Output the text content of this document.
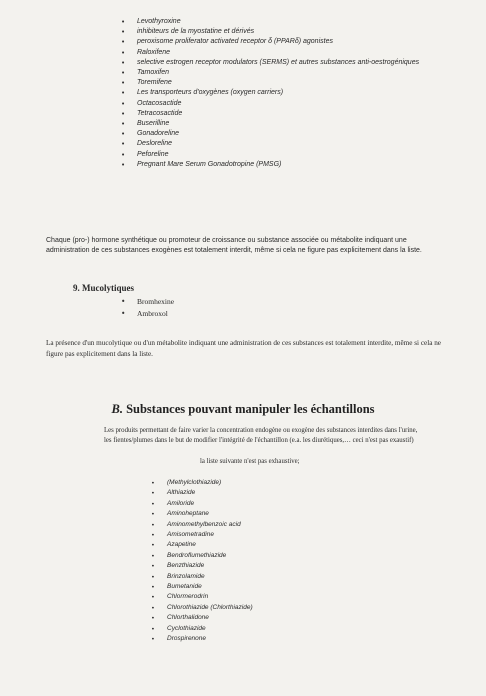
• Levothyroxine
• inhibiteurs de la myostatine et dérivés
• peroxisome proliferator activated receptor δ (PPARδ) agonistes
• Raloxifene
• selective estrogen receptor modulators (SERMS) et autres substances anti-oestrogéniques
• Tamoxifen
• Toremifene
• Les transporteurs d'oxygènes (oxygen carriers)
• Octacosactide
• Tetracosactide
• Buserilline
• Gonadoreline
• Desloreline
• Peforeline
• Pregnant Mare Serum Gonadotropine (PMSG)

Chaque (pro-) hormone synthétique ou promoteur de croissance ou substance associée ou métabolite indiquant une administration de ces substances exogènes est totalement interdit, même si cela ne figure pas explicitement dans la liste.

9. Mucolytiques
• Bromhexine
• Ambroxol

La présence d'un mucolytique ou d'un métabolite indiquant une administration de ces substances est totalement interdite, même si cela ne figure pas explicitement dans la liste.

B. Substances pouvant manipuler les échantillons

Les produits permettant de faire varier la concentration endogène ou exogène des substances interdites dans l'urine, les fientes/plumes dans le but de modifier l'intégrité de l'échantillon (e.a. les diurétiques,… ceci n'est pas exaustif)

la liste suivante n'est pas exhaustive;
• (Methylclothiazide)
• Althiazide
• Amiloride
• Aminoheptane
• Aminomethylbenzoic acid
• Amisometradine
• Azapetine
• Bendroflumethiazide
• Benzthiazide
• Brinzolamide
• Bumetanide
• Chlormerodrin
• Chlorothiazide (Chlorthiazide)
• Chlorthalidone
• Cyclothiazide
• Drospirenone
